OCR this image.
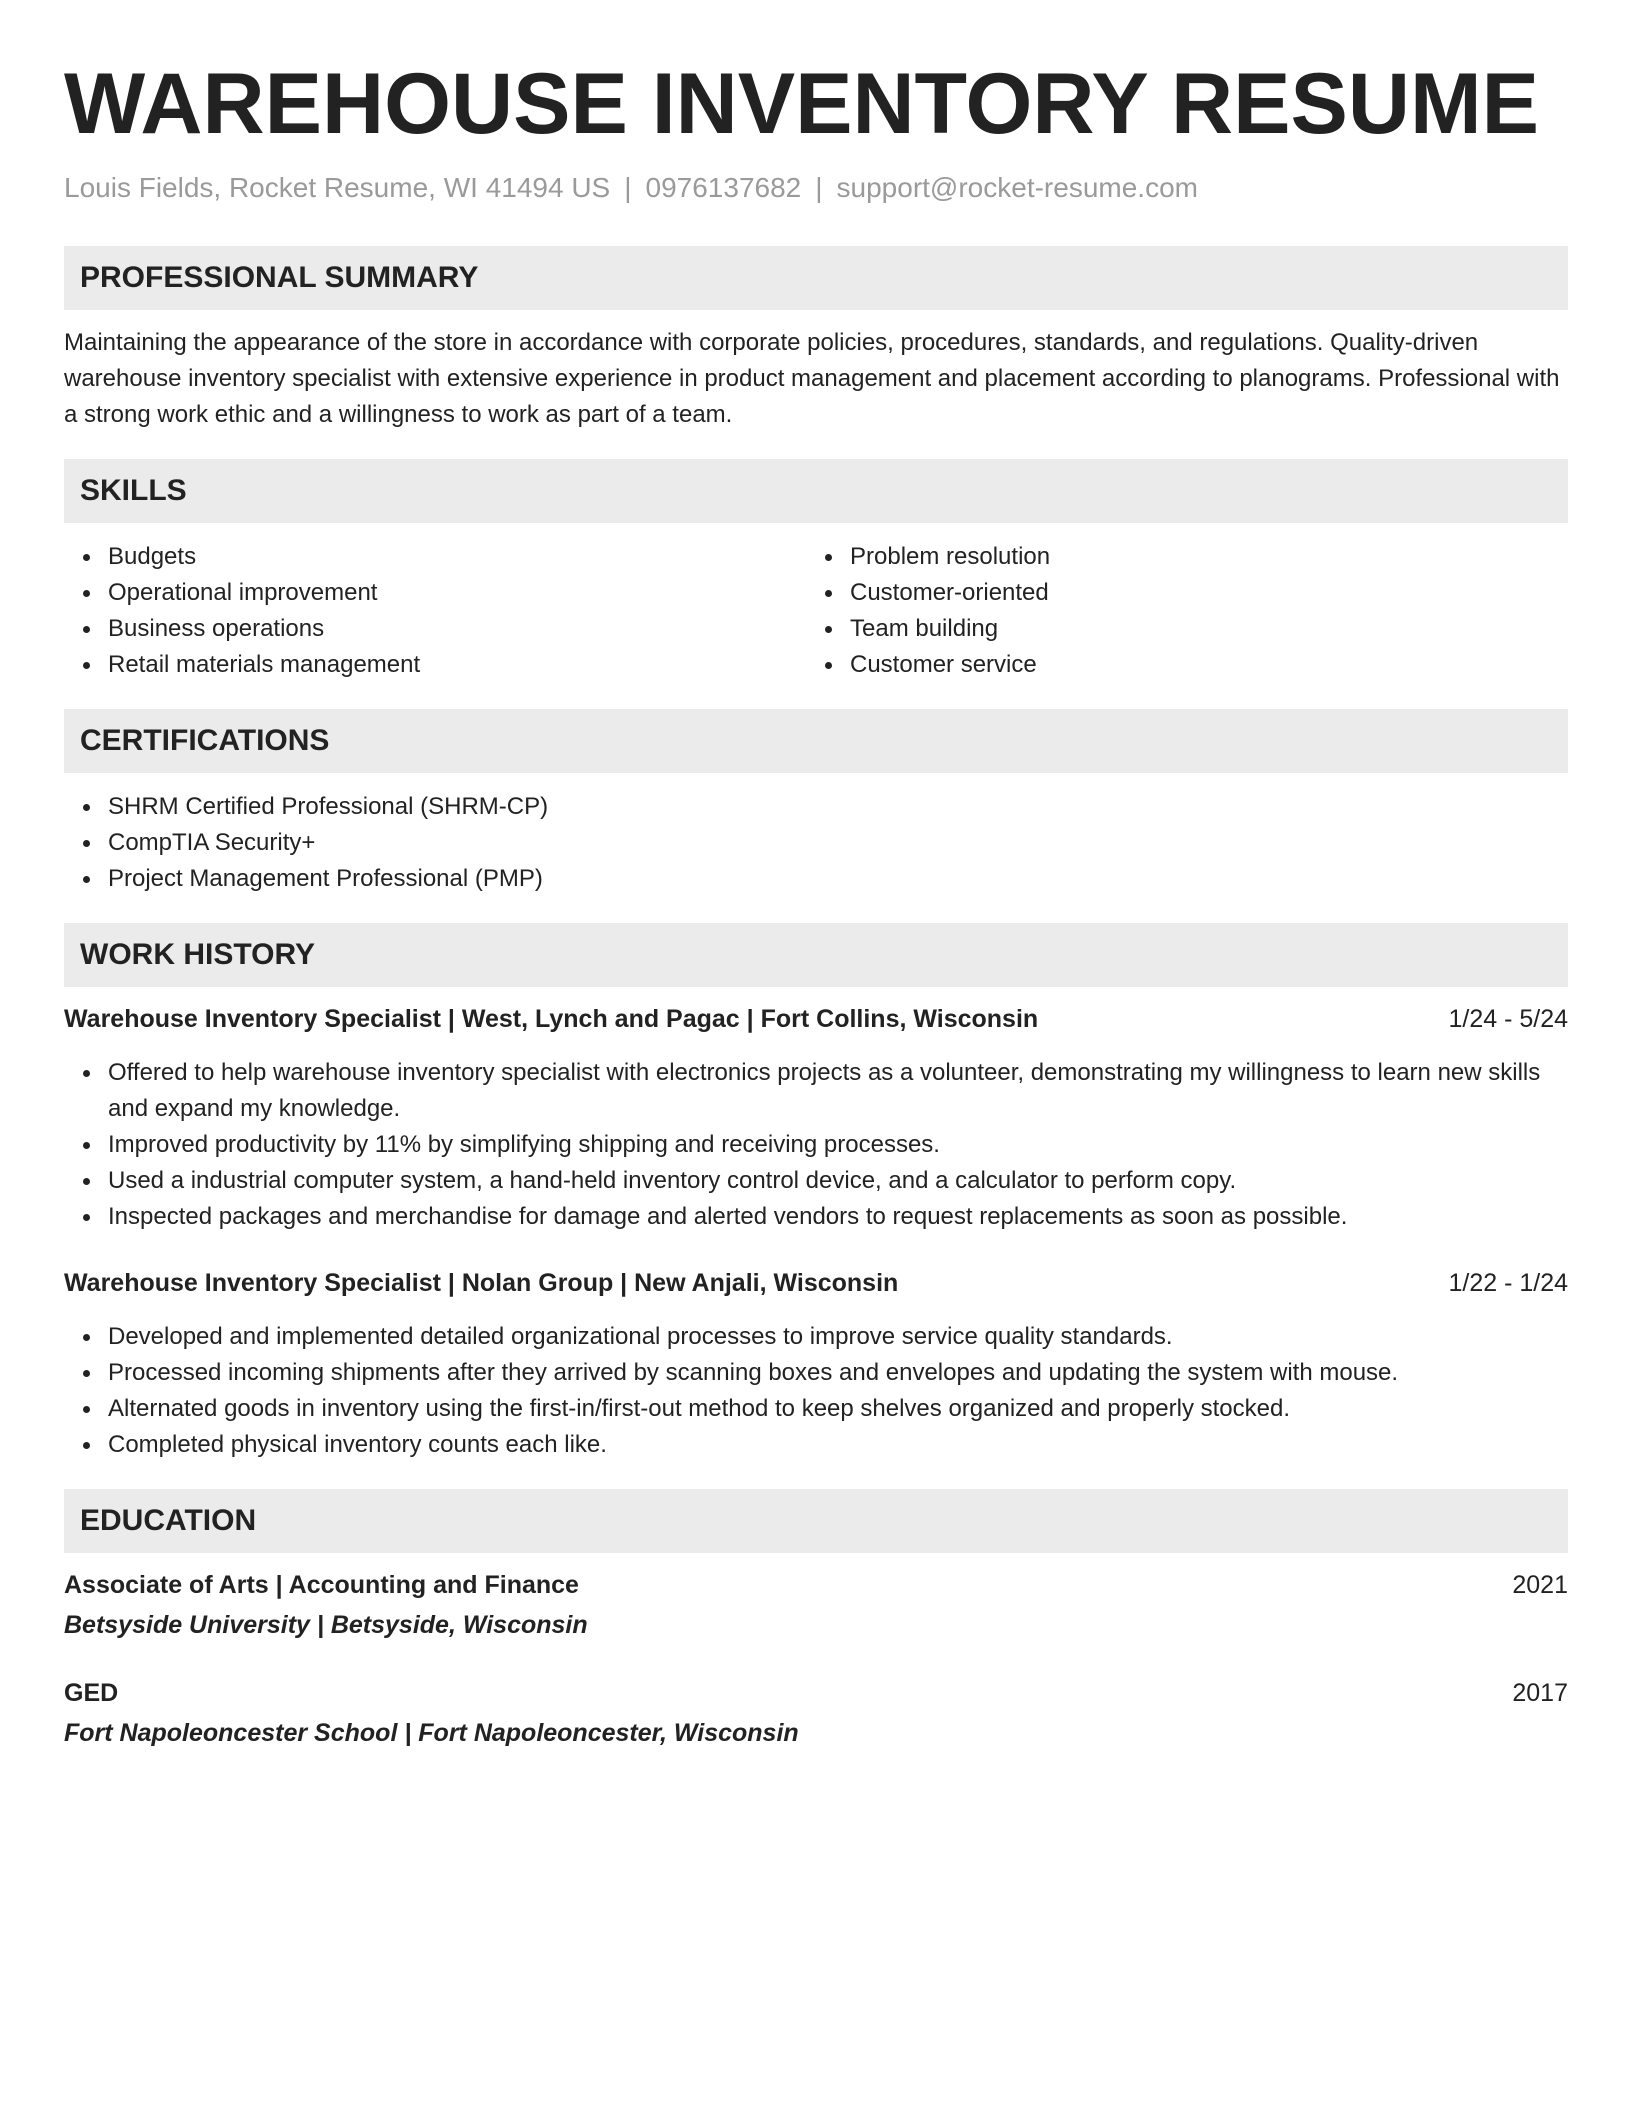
WAREHOUSE INVENTORY RESUME
Louis Fields, Rocket Resume, WI 41494 US | 0976137682 | support@rocket-resume.com
PROFESSIONAL SUMMARY
Maintaining the appearance of the store in accordance with corporate policies, procedures, standards, and regulations. Quality-driven warehouse inventory specialist with extensive experience in product management and placement according to planograms. Professional with a strong work ethic and a willingness to work as part of a team.
SKILLS
Budgets
Operational improvement
Business operations
Retail materials management
Problem resolution
Customer-oriented
Team building
Customer service
CERTIFICATIONS
SHRM Certified Professional (SHRM-CP)
CompTIA Security+
Project Management Professional (PMP)
WORK HISTORY
Warehouse Inventory Specialist | West, Lynch and Pagac | Fort Collins, Wisconsin	1/24 - 5/24
Offered to help warehouse inventory specialist with electronics projects as a volunteer, demonstrating my willingness to learn new skills and expand my knowledge.
Improved productivity by 11% by simplifying shipping and receiving processes.
Used a industrial computer system, a hand-held inventory control device, and a calculator to perform copy.
Inspected packages and merchandise for damage and alerted vendors to request replacements as soon as possible.
Warehouse Inventory Specialist | Nolan Group | New Anjali, Wisconsin	1/22 - 1/24
Developed and implemented detailed organizational processes to improve service quality standards.
Processed incoming shipments after they arrived by scanning boxes and envelopes and updating the system with mouse.
Alternated goods in inventory using the first-in/first-out method to keep shelves organized and properly stocked.
Completed physical inventory counts each like.
EDUCATION
Associate of Arts | Accounting and Finance	2021
Betsyside University | Betsyside, Wisconsin
GED	2017
Fort Napoleoncester School | Fort Napoleoncester, Wisconsin
